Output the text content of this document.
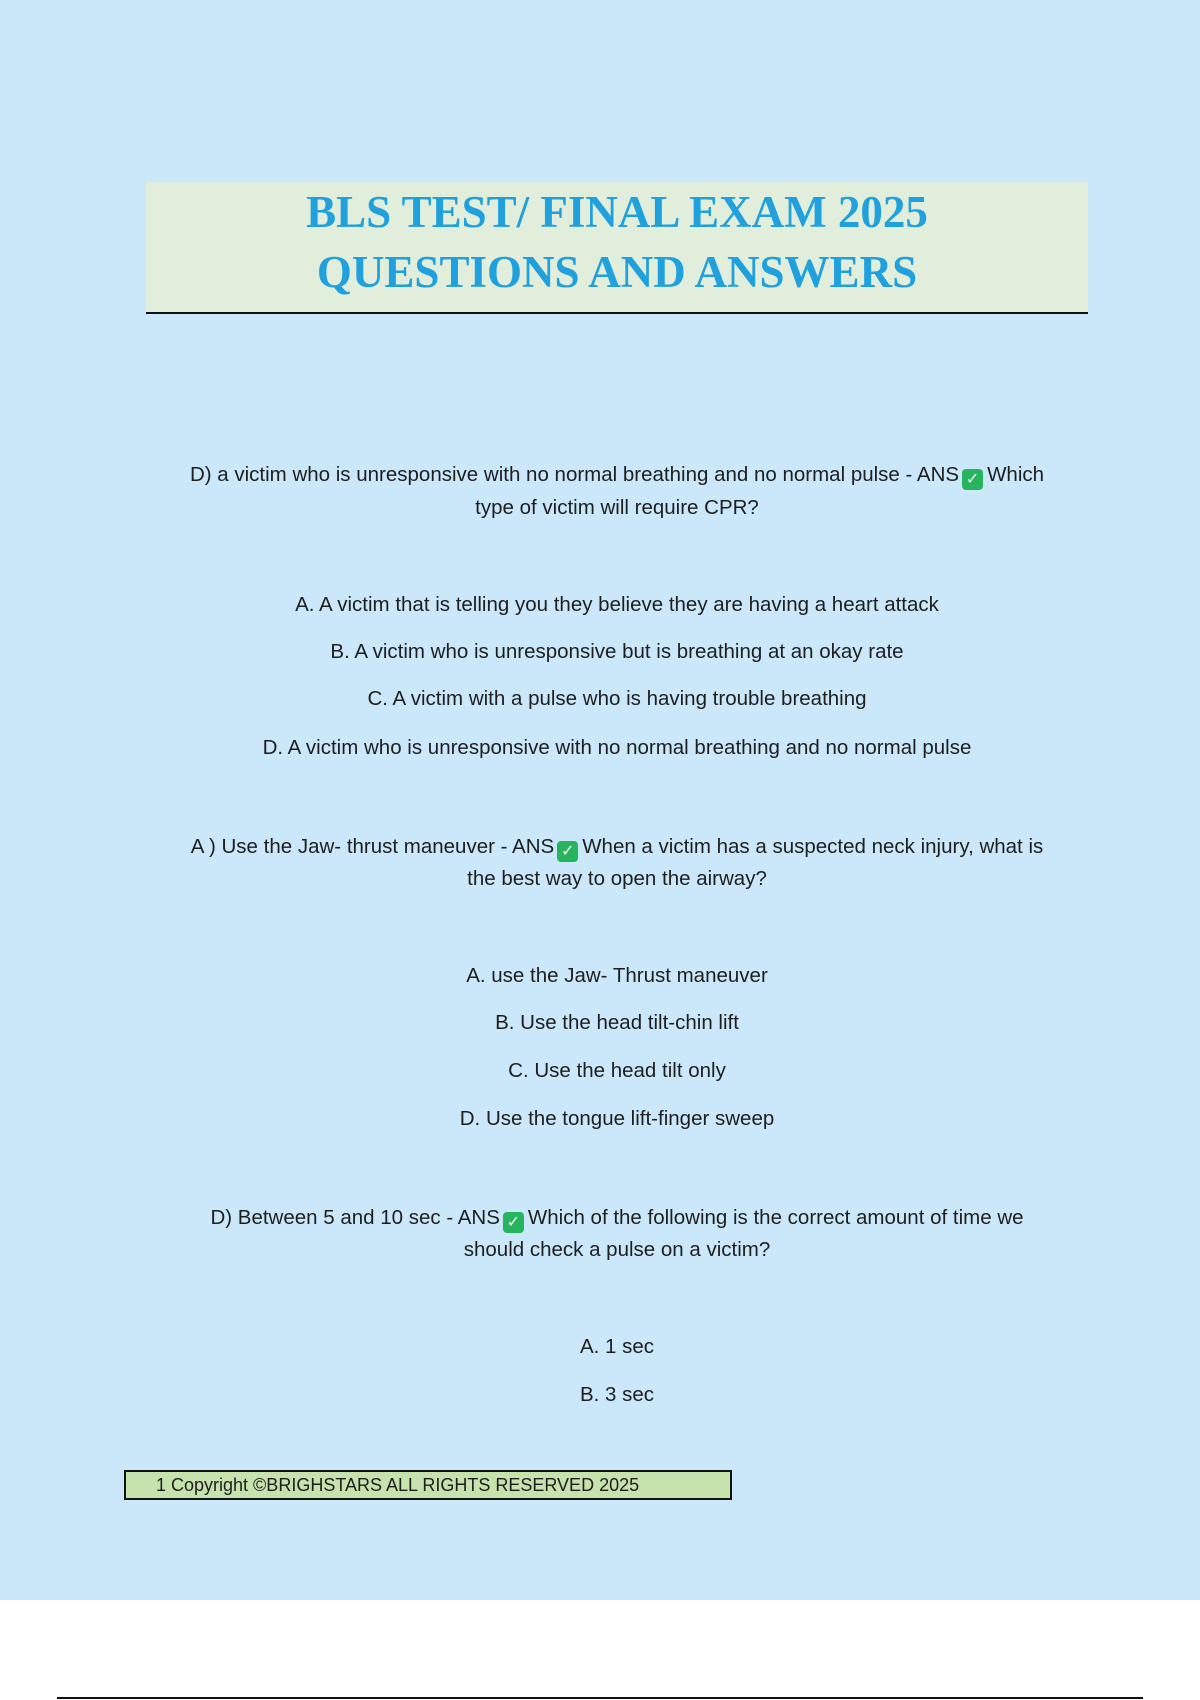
BLS TEST/ FINAL EXAM 2025
QUESTIONS AND ANSWERS
D) a victim who is unresponsive with no normal breathing and no normal pulse - ANS ✓ Which
type of victim will require CPR?
A. A victim that is telling you they believe they are having a heart attack
B. A victim who is unresponsive but is breathing at an okay rate
C. A victim with a pulse who is having trouble breathing
D. A victim who is unresponsive with no normal breathing and no normal pulse
A ) Use the Jaw- thrust maneuver - ANS ✓ When a victim has a suspected neck injury, what is
the best way to open the airway?
A. use the Jaw- Thrust maneuver
B. Use the head tilt-chin lift
C. Use the head tilt only
D. Use the tongue lift-finger sweep
D) Between 5 and 10 sec - ANS ✓ Which of the following is the correct amount of time we
should check a pulse on a victim?
A. 1 sec
B. 3 sec
1 Copyright ©BRIGHSTARS ALL RIGHTS RESERVED 2025
